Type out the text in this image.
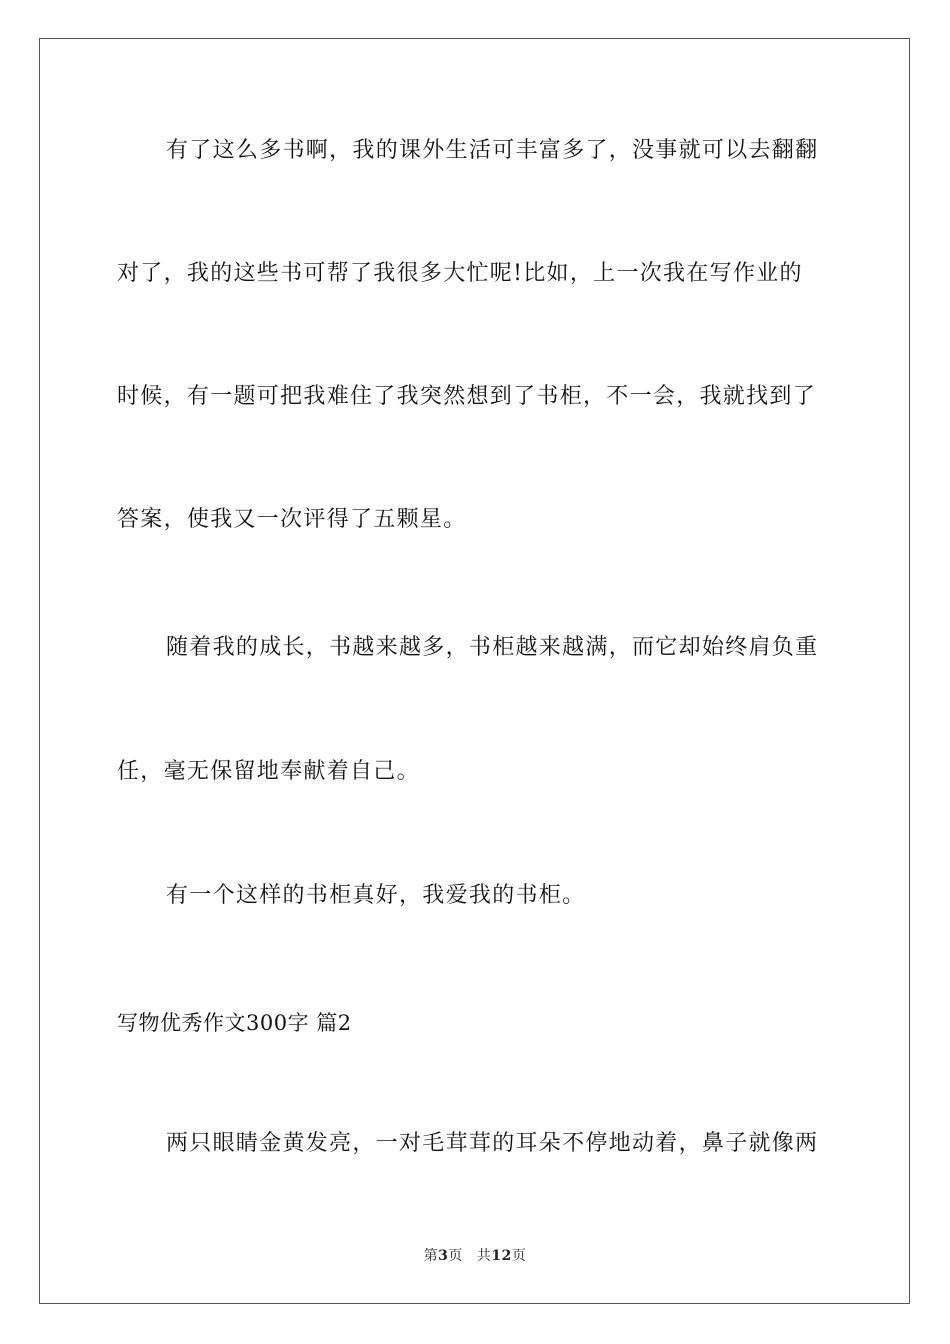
有了这么多书啊，我的课外生活可丰富多了，没事就可以去翻翻
对了，我的这些书可帮了我很多大忙呢!比如，上一次我在写作业的
时候，有一题可把我难住了我突然想到了书柜，不一会，我就找到了
答案，使我又一次评得了五颗星。
随着我的成长，书越来越多，书柜越来越满，而它却始终肩负重
任，毫无保留地奉献着自己。
有一个这样的书柜真好，我爱我的书柜。
写物优秀作文300字 篇2
两只眼睛金黄发亮，一对毛茸茸的耳朵不停地动着，鼻子就像两
第3页 共12页
